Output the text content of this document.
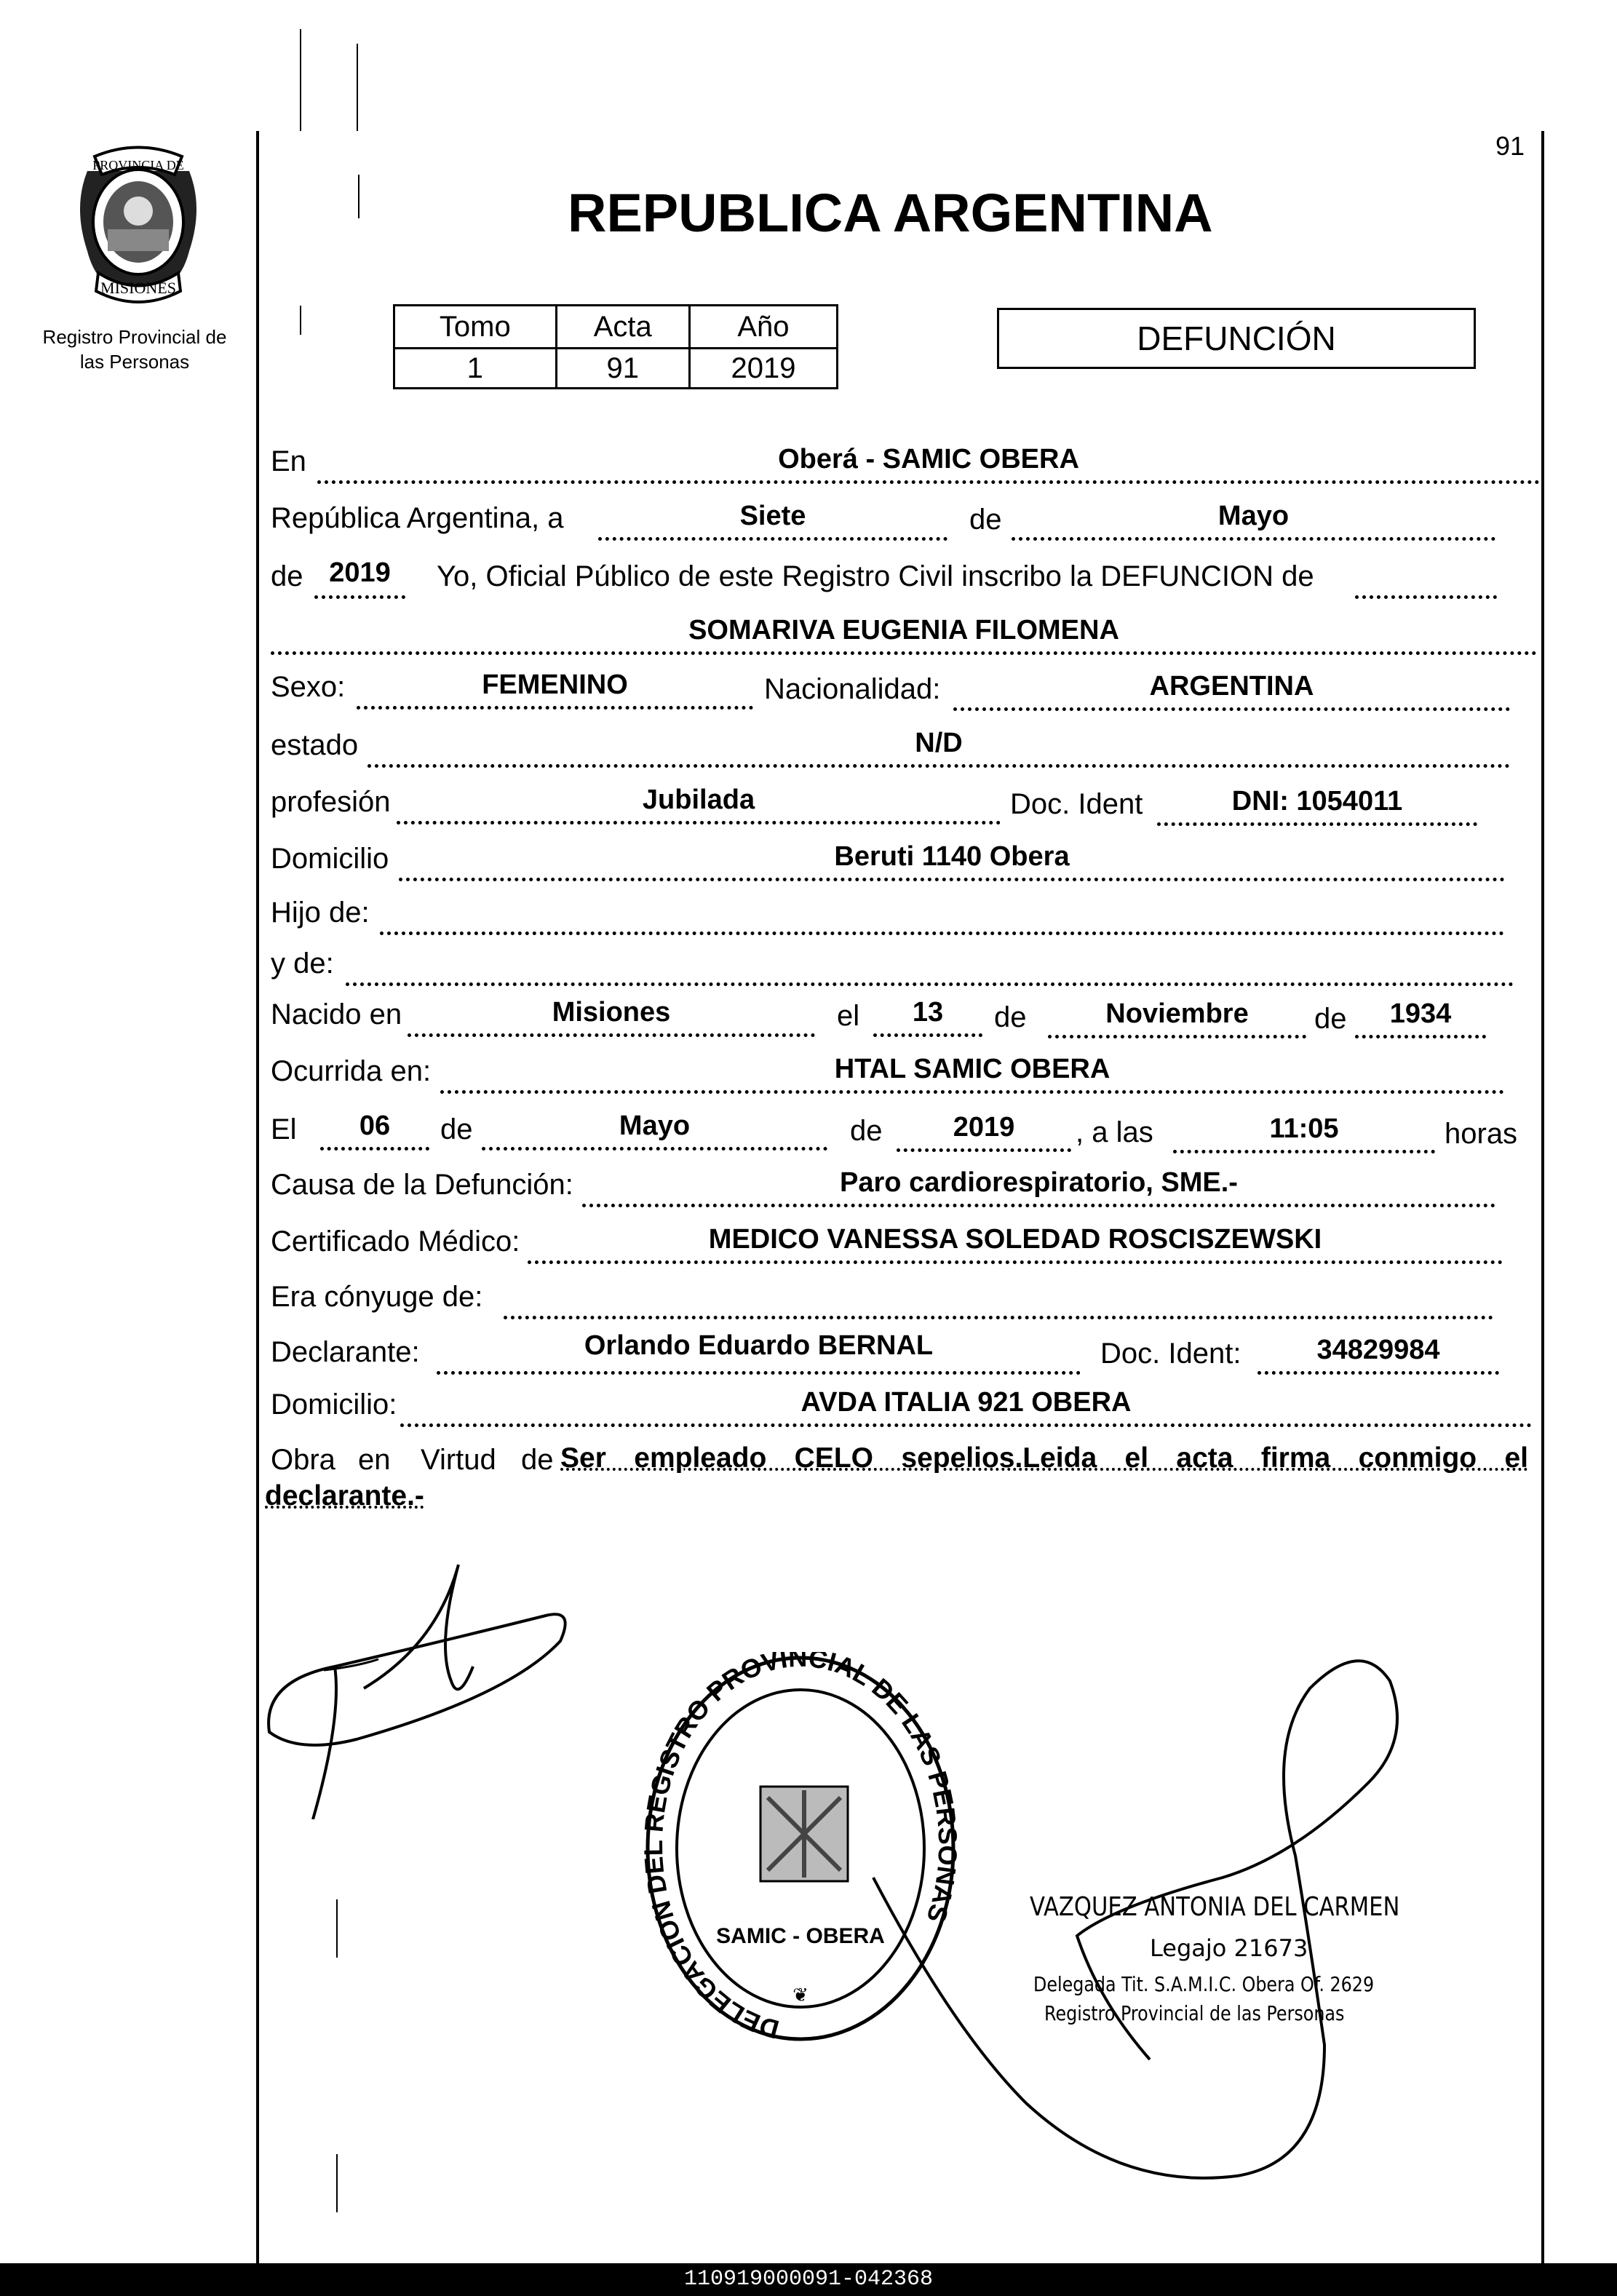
91
PROVINCIA DE
MISIONES
Registro Provincial de
las Personas
REPUBLICA ARGENTINA
Tomo	Acta	Año
1	91	2019
DEFUNCIÓN
En	Oberá - SAMIC OBERA
República Argentina, a	Siete	de	Mayo
de 2019	Yo, Oficial Público de este Registro Civil inscribo la DEFUNCION de
SOMARIVA EUGENIA FILOMENA
Sexo:	FEMENINO	Nacionalidad:	ARGENTINA
estado	N/D
profesión	Jubilada	Doc. Ident	DNI: 1054011
Domicilio	Beruti 1140 Obera
Hijo de:
y de:
Nacido en	Misiones	el	13	de	Noviembre	de	1934
Ocurrida en:	HTAL SAMIC OBERA
El	06	de	Mayo	de	2019	, a las	11:05	horas
Causa de la Defunción:	Paro cardiorespiratorio, SME.-
Certificado Médico:	MEDICO VANESSA SOLEDAD ROSCISZEWSKI
Era cónyuge de:
Declarante:	Orlando Eduardo BERNAL	Doc. Ident:	34829984
Domicilio:	AVDA ITALIA 921 OBERA
Obra en Virtud de Ser empleado CELO sepelios.Leida el acta firma conmigo el
declarante.-
DELEGACION DEL REGISTRO PROVINCIAL DE LAS PERSONAS
SAMIC - OBERA
❦
VAZQUEZ ANTONIA DEL CARMEN
Legajo 21673
Delegada Tit. S.A.M.I.C. Obera Of. 2629
Registro Provincial de las Personas
110919000091-042368
